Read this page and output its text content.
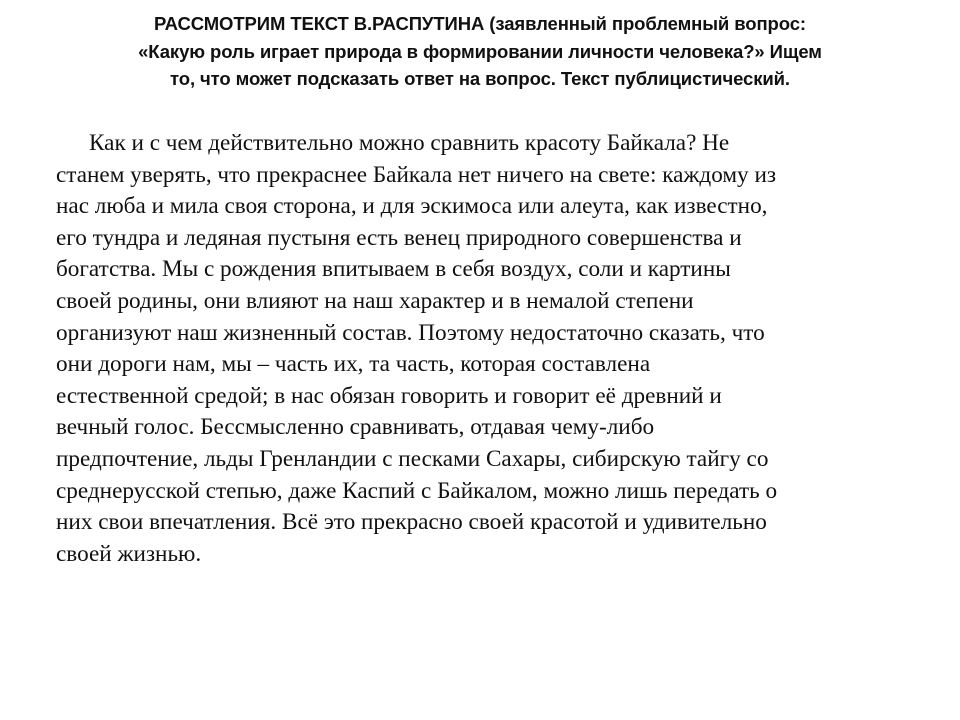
РАССМОТРИМ ТЕКСТ В.РАСПУТИНА (заявленный проблемный вопрос:
«Какую роль играет природа в формировании личности человека?» Ищем
то, что может подсказать ответ на вопрос. Текст публицистический.
Как и с чем действительно можно сравнить красоту Байкала? Не
станем уверять, что прекраснее Байкала нет ничего на свете: каждому из
нас люба и мила своя сторона, и для эскимоса или алеута, как известно,
его тундра и ледяная пустыня есть венец природного совершенства и
богатства. Мы с рождения впитываем в себя воздух, соли и картины
своей родины, они влияют на наш характер и в немалой степени
организуют наш жизненный состав. Поэтому недостаточно сказать, что
они дороги нам, мы – часть их, та часть, которая составлена
естественной средой; в нас обязан говорить и говорит её древний и
вечный голос. Бессмысленно сравнивать, отдавая чему-либо
предпочтение, льды Гренландии с песками Сахары, сибирскую тайгу со
среднерусской степью, даже Каспий с Байкалом, можно лишь передать о
них свои впечатления. Всё это прекрасно своей красотой и удивительно
своей жизнью.
